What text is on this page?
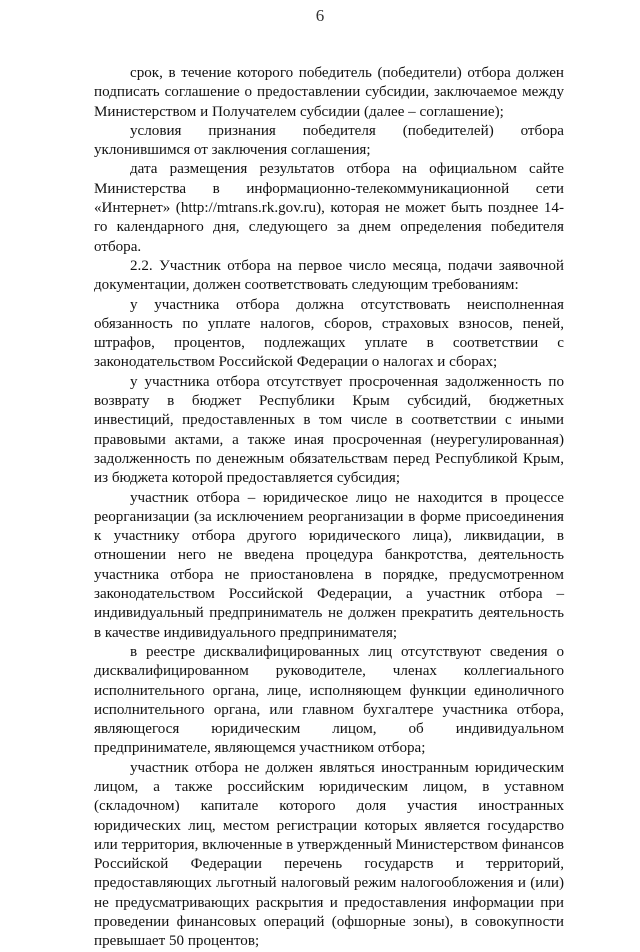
6

срок, в течение которого победитель (победители) отбора должен подписать соглашение о предоставлении субсидии, заключаемое между Министерством и Получателем субсидии (далее – соглашение);

условия признания победителя (победителей) отбора уклонившимся от заключения соглашения;

дата размещения результатов отбора на официальном сайте Министерства в информационно-телекоммуникационной сети «Интернет» (http://mtrans.rk.gov.ru), которая не может быть позднее 14-го календарного дня, следующего за днем определения победителя отбора.

2.2. Участник отбора на первое число месяца, подачи заявочной документации, должен соответствовать следующим требованиям:

у участника отбора должна отсутствовать неисполненная обязанность по уплате налогов, сборов, страховых взносов, пеней, штрафов, процентов, подлежащих уплате в соответствии с законодательством Российской Федерации о налогах и сборах;

у участника отбора отсутствует просроченная задолженность по возврату в бюджет Республики Крым субсидий, бюджетных инвестиций, предоставленных в том числе в соответствии с иными правовыми актами, а также иная просроченная (неурегулированная) задолженность по денежным обязательствам перед Республикой Крым, из бюджета которой предоставляется субсидия;

участник отбора – юридическое лицо не находится в процессе реорганизации (за исключением реорганизации в форме присоединения к участнику отбора другого юридического лица), ликвидации, в отношении него не введена процедура банкротства, деятельность участника отбора не приостановлена в порядке, предусмотренном законодательством Российской Федерации, а участник отбора – индивидуальный предприниматель не должен прекратить деятельность в качестве индивидуального предпринимателя;

в реестре дисквалифицированных лиц отсутствуют сведения о дисквалифицированном руководителе, членах коллегиального исполнительного органа, лице, исполняющем функции единоличного исполнительного органа, или главном бухгалтере участника отбора, являющегося юридическим лицом, об индивидуальном предпринимателе, являющемся участником отбора;

участник отбора не должен являться иностранным юридическим лицом, а также российским юридическим лицом, в уставном (складочном) капитале которого доля участия иностранных юридических лиц, местом регистрации которых является государство или территория, включенные в утвержденный Министерством финансов Российской Федерации перечень государств и территорий, предоставляющих льготный налоговый режим налогообложения и (или) не предусматривающих раскрытия и предоставления информации при проведении финансовых операций (офшорные зоны), в совокупности превышает 50 процентов;
